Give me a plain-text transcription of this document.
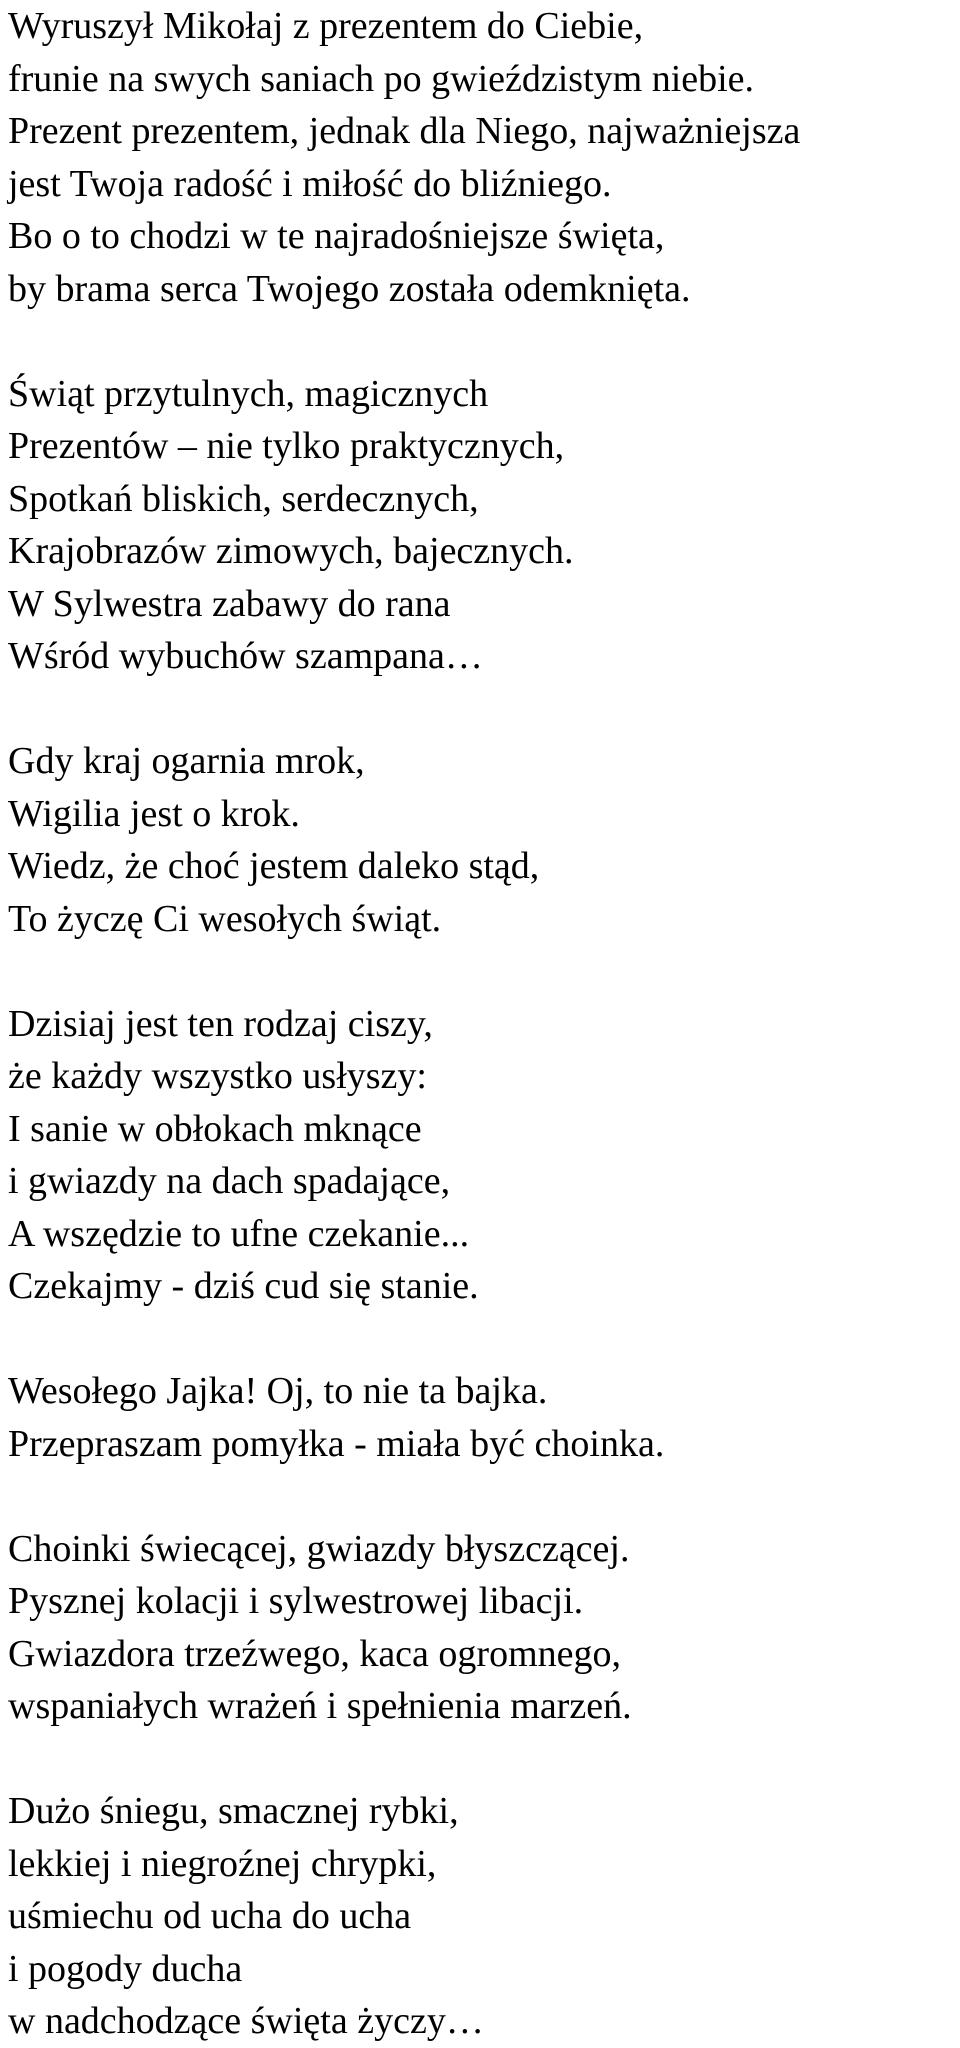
Wyruszył Mikołaj z prezentem do Ciebie,
frunie na swych saniach po gwieździstym niebie.
Prezent prezentem, jednak dla Niego, najważniejsza
jest Twoja radość i miłość do bliźniego.
Bo o to chodzi w te najradośniejsze święta,
by brama serca Twojego została odemknięta.
Świąt przytulnych, magicznych
Prezentów – nie tylko praktycznych,
Spotkań bliskich, serdecznych,
Krajobrazów zimowych, bajecznych.
W Sylwestra zabawy do rana
Wśród wybuchów szampana…
Gdy kraj ogarnia mrok,
Wigilia jest o krok.
Wiedz, że choć jestem daleko stąd,
To życzę Ci wesołych świąt.
Dzisiaj jest ten rodzaj ciszy,
że każdy wszystko usłyszy:
I sanie w obłokach mknące
i gwiazdy na dach spadające,
A wszędzie to ufne czekanie...
Czekajmy - dziś cud się stanie.
Wesołego Jajka! Oj, to nie ta bajka.
Przepraszam pomyłka - miała być choinka.
Choinki świecącej, gwiazdy błyszczącej.
Pysznej kolacji i sylwestrowej libacji.
Gwiazdora trzeźwego, kaca ogromnego,
wspaniałych wrażeń i spełnienia marzeń.
Dużo śniegu, smacznej rybki,
lekkiej i niegroźnej chrypki,
uśmiechu od ucha do ucha
i pogody ducha
w nadchodzące święta życzy…
